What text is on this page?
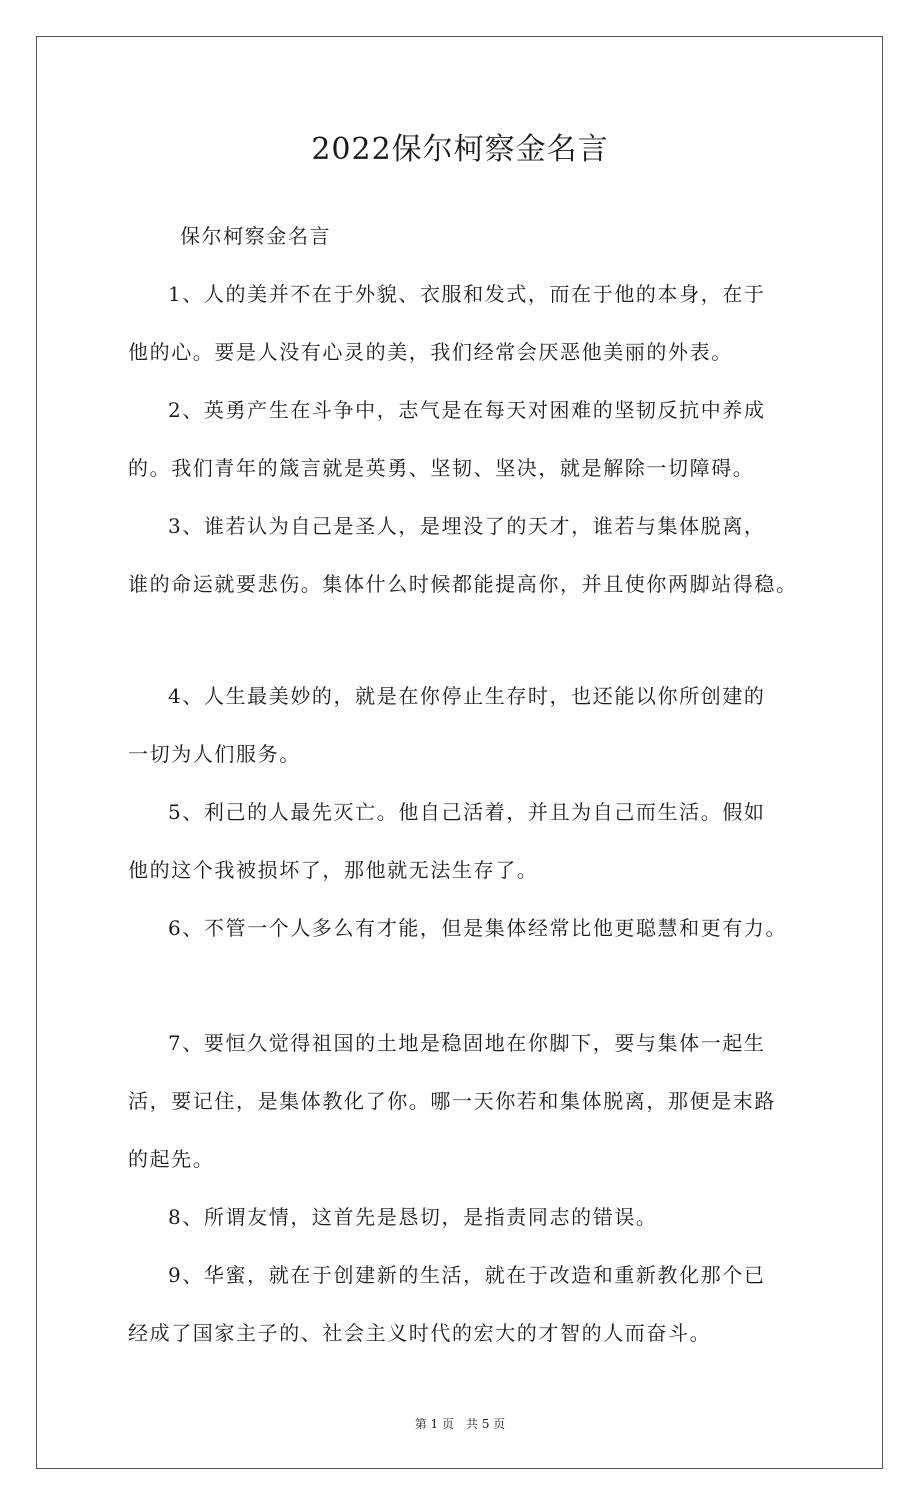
2022保尔柯察金名言
保尔柯察金名言
1、人的美并不在于外貌、衣服和发式，而在于他的本身，在于
他的心。要是人没有心灵的美，我们经常会厌恶他美丽的外表。
2、英勇产生在斗争中，志气是在每天对困难的坚韧反抗中养成
的。我们青年的箴言就是英勇、坚韧、坚决，就是解除一切障碍。
3、谁若认为自己是圣人，是埋没了的天才，谁若与集体脱离，
谁的命运就要悲伤。集体什么时候都能提高你，并且使你两脚站得稳。
4、人生最美妙的，就是在你停止生存时，也还能以你所创建的
一切为人们服务。
5、利己的人最先灭亡。他自己活着，并且为自己而生活。假如
他的这个我被损坏了，那他就无法生存了。
6、不管一个人多么有才能，但是集体经常比他更聪慧和更有力。
7、要恒久觉得祖国的土地是稳固地在你脚下，要与集体一起生
活，要记住，是集体教化了你。哪一天你若和集体脱离，那便是末路
的起先。
8、所谓友情，这首先是恳切，是指责同志的错误。
9、华蜜，就在于创建新的生活，就在于改造和重新教化那个已
经成了国家主子的、社会主义时代的宏大的才智的人而奋斗。
第 1 页　共 5 页
